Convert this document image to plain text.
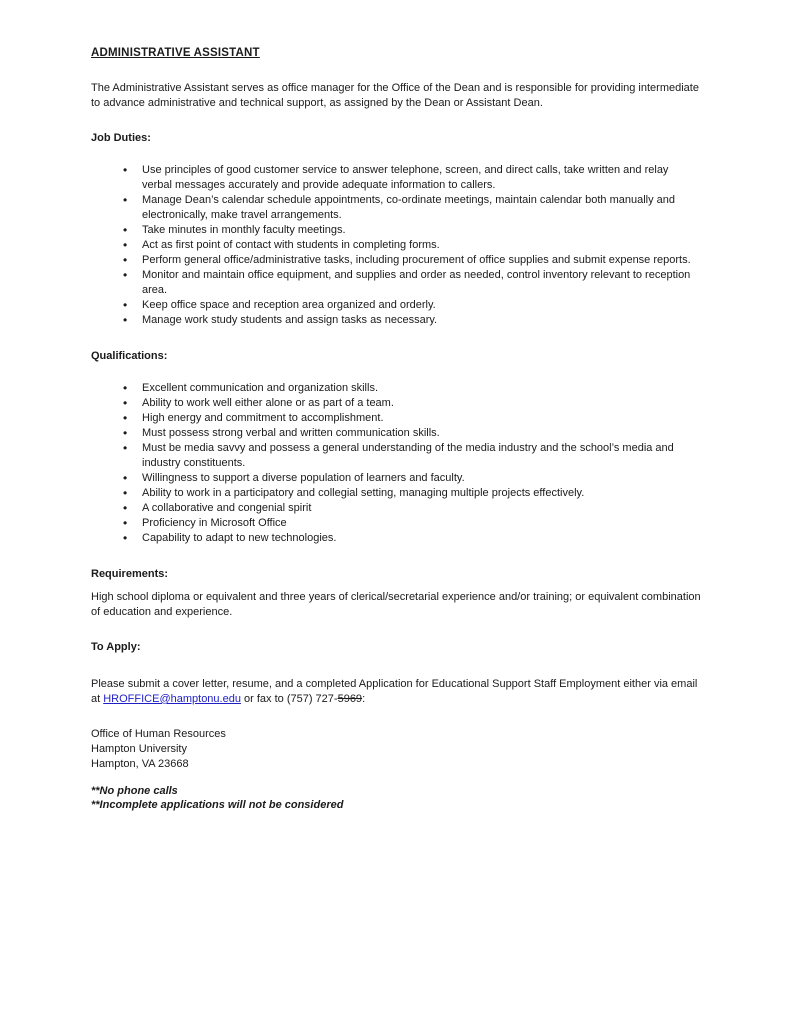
ADMINISTRATIVE ASSISTANT

The Administrative Assistant serves as office manager for the Office of the Dean and is responsible for providing intermediate to advance administrative and technical support, as assigned by the Dean or Assistant Dean.

Job Duties:
• Use principles of good customer service to answer telephone, screen, and direct calls, take written and relay verbal messages accurately and provide adequate information to callers.
• Manage Dean’s calendar schedule appointments, co-ordinate meetings, maintain calendar both manually and electronically, make travel arrangements.
• Take minutes in monthly faculty meetings.
• Act as first point of contact with students in completing forms.
• Perform general office/administrative tasks, including procurement of office supplies and submit expense reports.
• Monitor and maintain office equipment, and supplies and order as needed, control inventory relevant to reception area.
• Keep office space and reception area organized and orderly.
• Manage work study students and assign tasks as necessary.
Qualifications:
• Excellent communication and organization skills.
• Ability to work well either alone or as part of a team.
• High energy and commitment to accomplishment.
• Must possess strong verbal and written communication skills.
• Must be media savvy and possess a general understanding of the media industry and the school’s media and industry constituents.
• Willingness to support a diverse population of learners and faculty.
• Ability to work in a participatory and collegial setting, managing multiple projects effectively.
• A collaborative and congenial spirit
• Proficiency in Microsoft Office
• Capability to adapt to new technologies.
Requirements:

High school diploma or equivalent and three years of clerical/secretarial experience and/or training; or equivalent combination of education and experience.

To Apply:

Please submit a cover letter, resume, and a completed Application for Educational Support Staff Employment either via email at HROFFICE@hamptonu.edu or fax to (757) 727-5969:

Office of Human Resources
Hampton University
Hampton, VA 23668
**No phone calls
**Incomplete applications will not be considered
